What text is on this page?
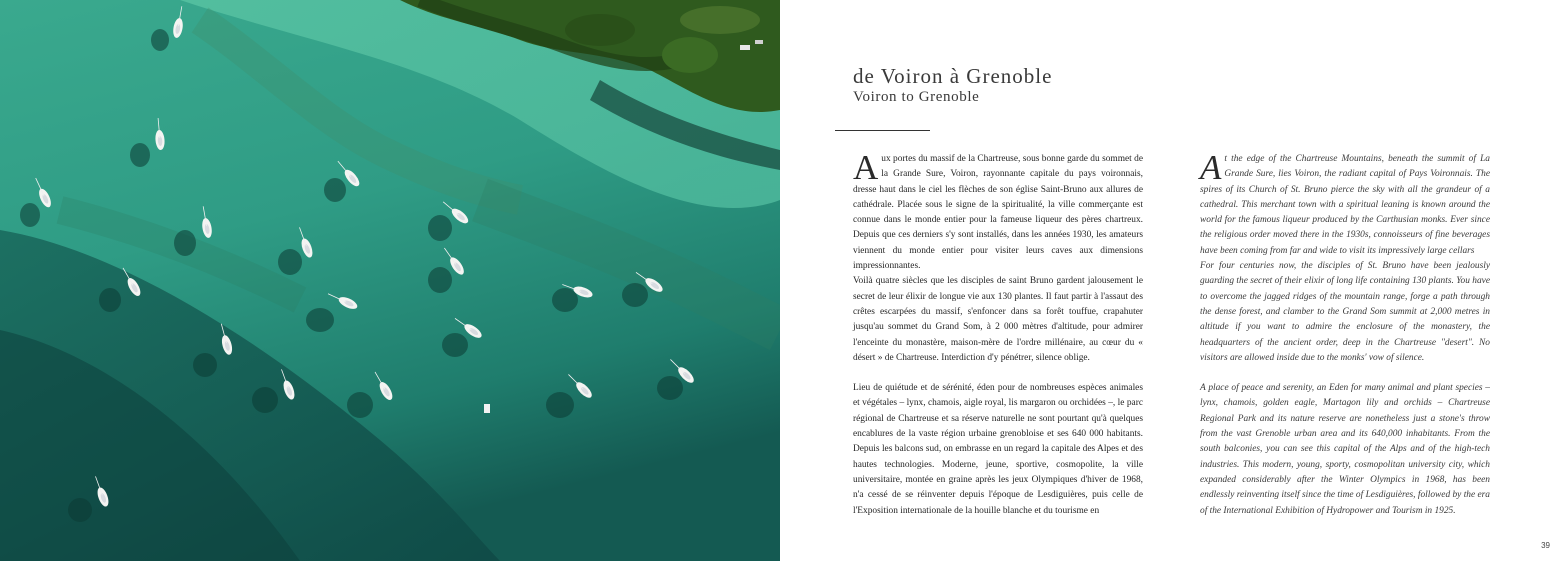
de Voiron à Grenoble
Voiron to Grenoble

Aux portes du massif de la Chartreuse, sous bonne garde du sommet de la Grande Sure, Voiron, rayonnante capitale du pays voironnais, dresse haut dans le ciel les flèches de son église Saint-Bruno aux allures de cathédrale. Placée sous le signe de la spiritualité, la ville commerçante est connue dans le monde entier pour la fameuse liqueur des pères chartreux. Depuis que ces derniers s'y sont installés, dans les années 1930, les amateurs viennent du monde entier pour visiter leurs caves aux dimensions impressionnantes.

Voilà quatre siècles que les disciples de saint Bruno gardent jalousement le secret de leur élixir de longue vie aux 130 plantes. Il faut partir à l'assaut des crêtes escarpées du massif, s'enfoncer dans sa forêt touffue, crapahuter jusqu'au sommet du Grand Som, à 2 000 mètres d'altitude, pour admirer l'enceinte du monastère, maison-mère de l'ordre millénaire, au cœur du « désert » de Chartreuse. Interdiction d'y pénétrer, silence oblige.

Lieu de quiétude et de sérénité, éden pour de nombreuses espèces animales et végétales – lynx, chamois, aigle royal, lis margaron ou orchidées –, le parc régional de Chartreuse et sa réserve naturelle ne sont pourtant qu'à quelques encablures de la vaste région urbaine grenobloise et ses 640 000 habitants. Depuis les balcons sud, on embrasse en un regard la capitale des Alpes et des hautes technologies. Moderne, jeune, sportive, cosmopolite, la ville universitaire, montée en graine après les jeux Olympiques d'hiver de 1968, n'a cessé de se réinventer depuis l'époque de Lesdiguières, puis celle de l'Exposition internationale de la houille blanche et du tourisme en

At the edge of the Chartreuse Mountains, beneath the summit of La Grande Sure, lies Voiron, the radiant capital of Pays Voironnais. The spires of its Church of St. Bruno pierce the sky with all the grandeur of a cathedral. This merchant town with a spiritual leaning is known around the world for the famous liqueur produced by the Carthusian monks. Ever since the religious order moved there in the 1930s, connoisseurs of fine beverages have been coming from far and wide to visit its impressively large cellars

For four centuries now, the disciples of St. Bruno have been jealously guarding the secret of their elixir of long life containing 130 plants. You have to overcome the jagged ridges of the mountain range, forge a path through the dense forest, and clamber to the Grand Som summit at 2,000 metres in altitude if you want to admire the enclosure of the monastery, the headquarters of the ancient order, deep in the Chartreuse "desert". No visitors are allowed inside due to the monks' vow of silence.

A place of peace and serenity, an Eden for many animal and plant species – lynx, chamois, golden eagle, Martagon lily and orchids – Chartreuse Regional Park and its nature reserve are nonetheless just a stone's throw from the vast Grenoble urban area and its 640,000 inhabitants. From the south balconies, you can see this capital of the Alps and of the high-tech industries. This modern, young, sporty, cosmopolitan university city, which expanded considerably after the Winter Olympics in 1968, has been endlessly reinventing itself since the time of Lesdiguières, followed by the era of the International Exhibition of Hydropower and Tourism in 1925.

39
